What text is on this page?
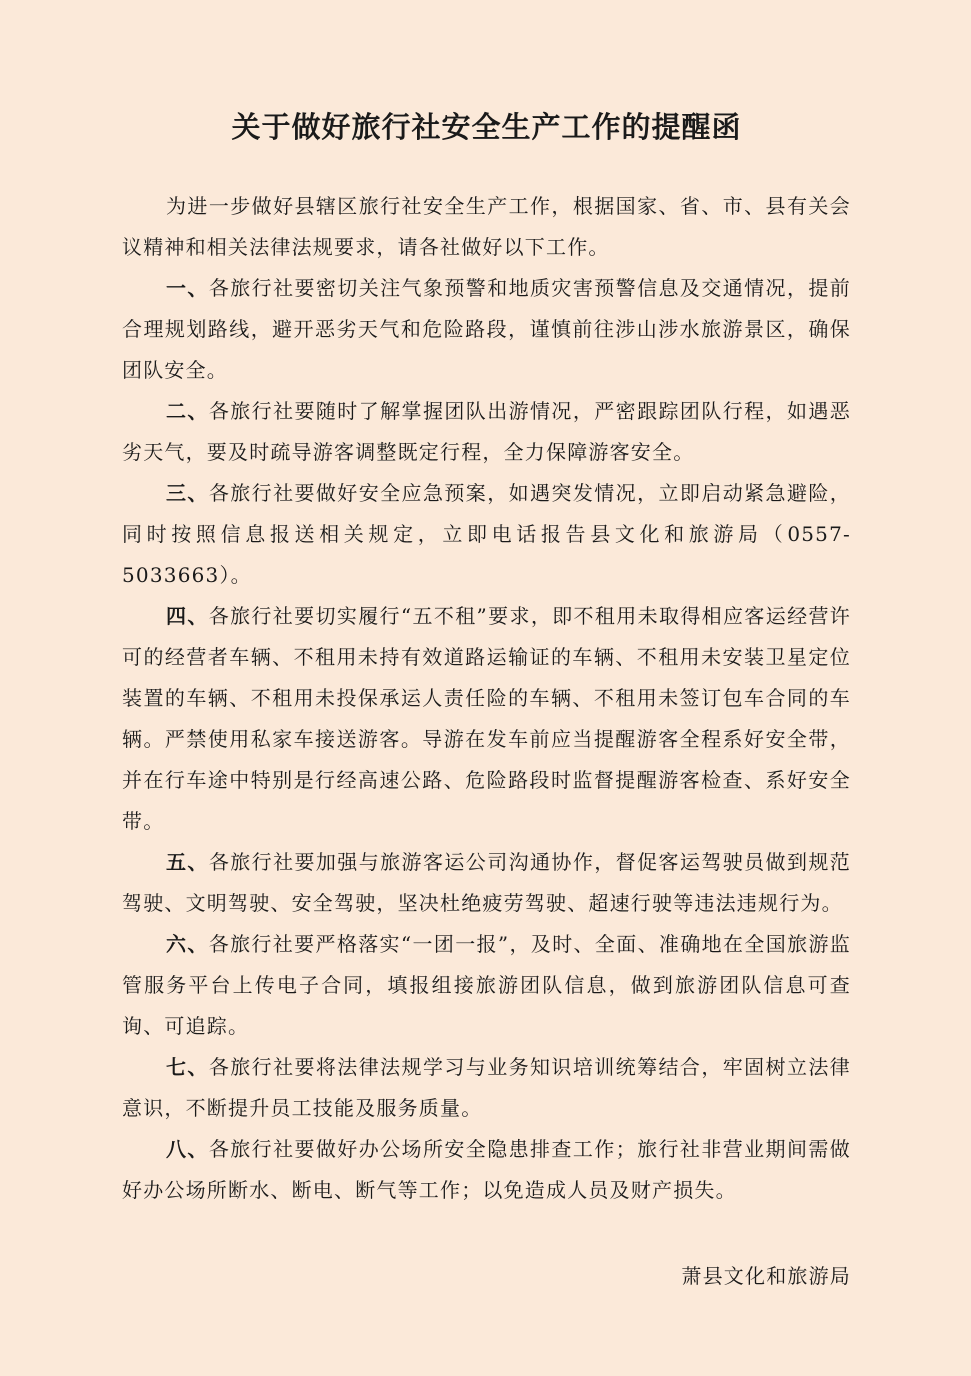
关于做好旅行社安全生产工作的提醒函

为进一步做好县辖区旅行社安全生产工作，根据国家、省、市、县有关会议精神和相关法律法规要求，请各社做好以下工作。

一、各旅行社要密切关注气象预警和地质灾害预警信息及交通情况，提前合理规划路线，避开恶劣天气和危险路段，谨慎前往涉山涉水旅游景区，确保团队安全。

二、各旅行社要随时了解掌握团队出游情况，严密跟踪团队行程，如遇恶劣天气，要及时疏导游客调整既定行程，全力保障游客安全。

三、各旅行社要做好安全应急预案，如遇突发情况，立即启动紧急避险，同时按照信息报送相关规定，立即电话报告县文化和旅游局（0557-5033663）。

四、各旅行社要切实履行“五不租”要求，即不租用未取得相应客运经营许可的经营者车辆、不租用未持有效道路运输证的车辆、不租用未安装卫星定位装置的车辆、不租用未投保承运人责任险的车辆、不租用未签订包车合同的车辆。严禁使用私家车接送游客。导游在发车前应当提醒游客全程系好安全带，并在行车途中特别是行经高速公路、危险路段时监督提醒游客检查、系好安全带。

五、各旅行社要加强与旅游客运公司沟通协作，督促客运驾驶员做到规范驾驶、文明驾驶、安全驾驶，坚决杜绝疲劳驾驶、超速行驶等违法违规行为。

六、各旅行社要严格落实“一团一报”，及时、全面、准确地在全国旅游监管服务平台上传电子合同，填报组接旅游团队信息，做到旅游团队信息可查询、可追踪。

七、各旅行社要将法律法规学习与业务知识培训统筹结合，牢固树立法律意识，不断提升员工技能及服务质量。

八、各旅行社要做好办公场所安全隐患排查工作；旅行社非营业期间需做好办公场所断水、断电、断气等工作；以免造成人员及财产损失。

萧县文化和旅游局
